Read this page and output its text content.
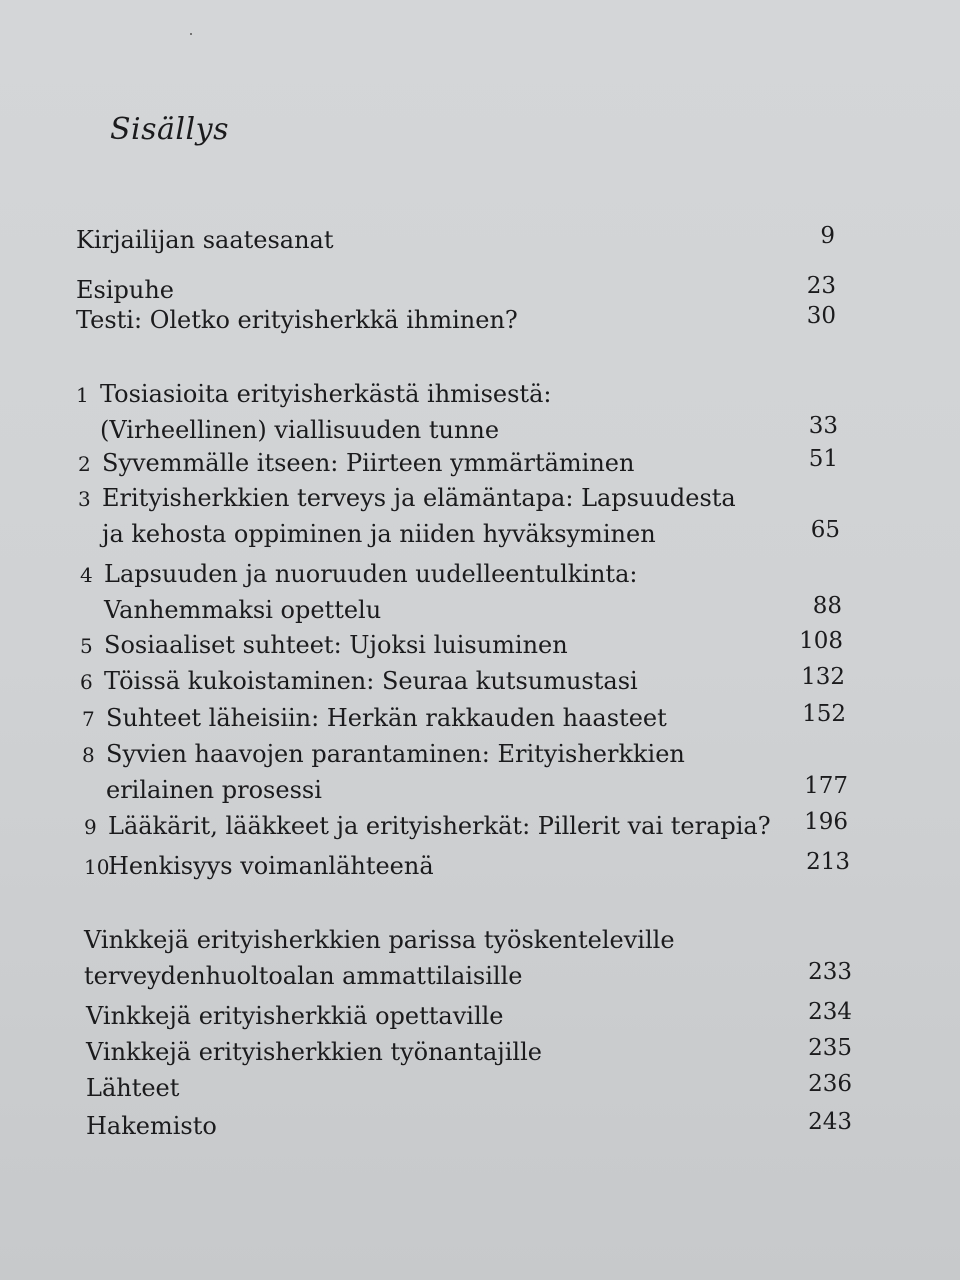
Sisällys
Kirjailijan saatesanat	9
Esipuhe	23
Testi: Oletko erityisherkkä ihminen?	30
1 Tosiasioita erityisherkästä ihmisestä:
(Virheellinen) viallisuuden tunne	33
2 Syvemmälle itseen: Piirteen ymmärtäminen	51
3 Erityisherkkien terveys ja elämäntapa: Lapsuudesta
ja kehosta oppiminen ja niiden hyväksyminen	65
4 Lapsuuden ja nuoruuden uudelleentulkinta:
Vanhemmaksi opettelu	88
5 Sosiaaliset suhteet: Ujoksi luisuminen	108
6 Töissä kukoistaminen: Seuraa kutsumustasi	132
7 Suhteet läheisiin: Herkän rakkauden haasteet	152
8 Syvien haavojen parantaminen: Erityisherkkien
erilainen prosessi	177
9 Lääkärit, lääkkeet ja erityisherkät: Pillerit vai terapia?	196
10Henkisyys voimanlähteenä	213
Vinkkejä erityisherkkien parissa työskenteleville
terveydenhuoltoalan ammattilaisille	233
Vinkkejä erityisherkkiä opettaville	234
Vinkkejä erityisherkkien työnantajille	235
Lähteet	236
Hakemisto	243
